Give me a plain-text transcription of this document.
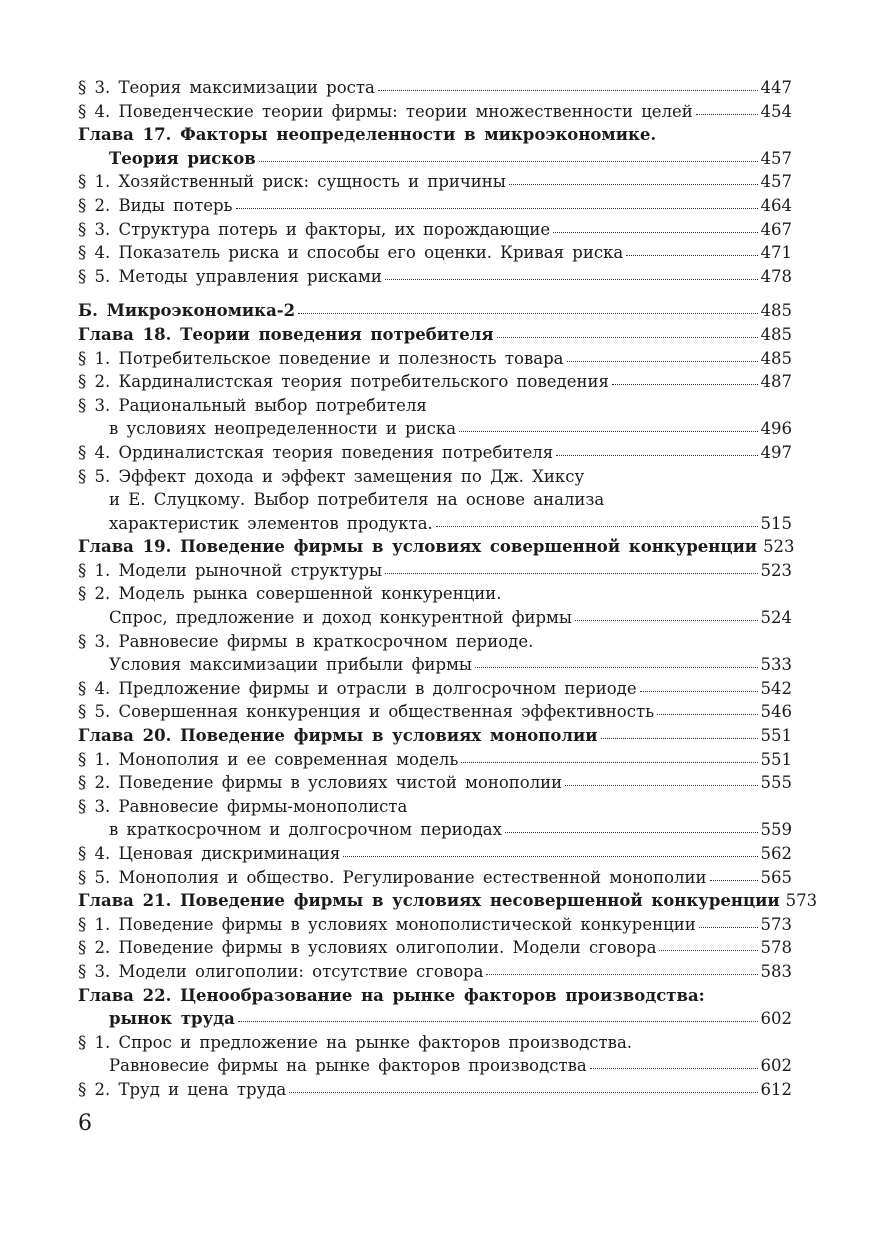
§ 3. Теория максимизации роста	447
§ 4. Поведенческие теории фирмы: теории множественности целей	454
Глава 17. Факторы неопределенности в микроэкономике.
Теория рисков	457
§ 1. Хозяйственный риск: сущность и причины	457
§ 2. Виды потерь	464
§ 3. Структура потерь и факторы, их порождающие	467
§ 4. Показатель риска и способы его оценки. Кривая риска	471
§ 5. Методы управления рисками	478
Б. Микроэкономика-2	485
Глава 18. Теории поведения потребителя	485
§ 1. Потребительское поведение и полезность товара	485
§ 2. Кардиналистская теория потребительского поведения	487
§ 3. Рациональный выбор потребителя
в условиях неопределенности и риска	496
§ 4. Ординалистская теория поведения потребителя	497
§ 5. Эффект дохода и эффект замещения по Дж. Хиксу
и Е. Слуцкому. Выбор потребителя на основе анализа
характеристик элементов продукта.	515
Глава 19. Поведение фирмы в условиях совершенной конкуренции 523
§ 1. Модели рыночной структуры	523
§ 2. Модель рынка совершенной конкуренции.
Спрос, предложение и доход конкурентной фирмы	524
§ 3. Равновесие фирмы в краткосрочном периоде.
Условия максимизации прибыли фирмы	533
§ 4. Предложение фирмы и отрасли в долгосрочном периоде	542
§ 5. Совершенная конкуренция и общественная эффективность	546
Глава 20. Поведение фирмы в условиях монополии	551
§ 1. Монополия и ее современная модель	551
§ 2. Поведение фирмы в условиях чистой монополии	555
§ 3. Равновесие фирмы-монополиста
в краткосрочном и долгосрочном периодах	559
§ 4. Ценовая дискриминация	562
§ 5. Монополия и общество. Регулирование естественной монополии	565
Глава 21. Поведение фирмы в условиях несовершенной конкуренции 573
§ 1. Поведение фирмы в условиях монополистической конкуренции	573
§ 2. Поведение фирмы в условиях олигополии. Модели сговора	578
§ 3. Модели олигополии: отсутствие сговора	583
Глава 22. Ценообразование на рынке факторов производства:
рынок труда	602
§ 1. Спрос и предложение на рынке факторов производства.
Равновесие фирмы на рынке факторов производства	602
§ 2. Труд и цена труда	612
6
